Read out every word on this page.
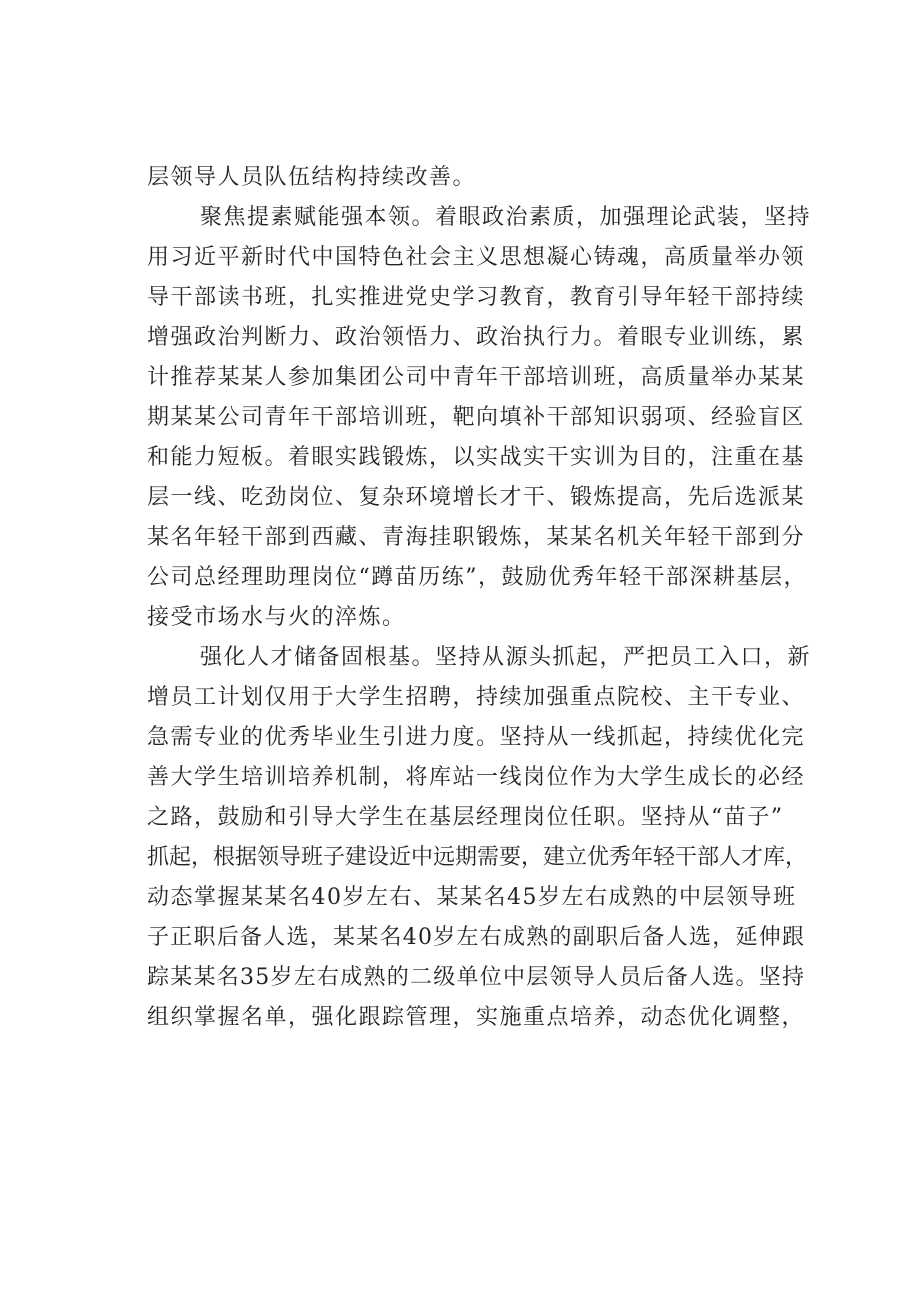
层领导人员队伍结构持续改善。
聚焦提素赋能强本领。着眼政治素质，加强理论武装，坚持
用习近平新时代中国特色社会主义思想凝心铸魂，高质量举办领
导干部读书班，扎实推进党史学习教育，教育引导年轻干部持续
增强政治判断力、政治领悟力、政治执行力。着眼专业训练，累
计推荐某某人参加集团公司中青年干部培训班，高质量举办某某
期某某公司青年干部培训班，靶向填补干部知识弱项、经验盲区
和能力短板。着眼实践锻炼，以实战实干实训为目的，注重在基
层一线、吃劲岗位、复杂环境增长才干、锻炼提高，先后选派某
某名年轻干部到西藏、青海挂职锻炼，某某名机关年轻干部到分
公司总经理助理岗位“蹲苗历练”，鼓励优秀年轻干部深耕基层，
接受市场水与火的淬炼。
强化人才储备固根基。坚持从源头抓起，严把员工入口，新
增员工计划仅用于大学生招聘，持续加强重点院校、主干专业、
急需专业的优秀毕业生引进力度。坚持从一线抓起，持续优化完
善大学生培训培养机制，将库站一线岗位作为大学生成长的必经
之路，鼓励和引导大学生在基层经理岗位任职。坚持从“苗子”
抓起，根据领导班子建设近中远期需要，建立优秀年轻干部人才库，
动态掌握某某名40岁左右、某某名45岁左右成熟的中层领导班
子正职后备人选，某某名40岁左右成熟的副职后备人选，延伸跟
踪某某名35岁左右成熟的二级单位中层领导人员后备人选。坚持
组织掌握名单，强化跟踪管理，实施重点培养，动态优化调整，
